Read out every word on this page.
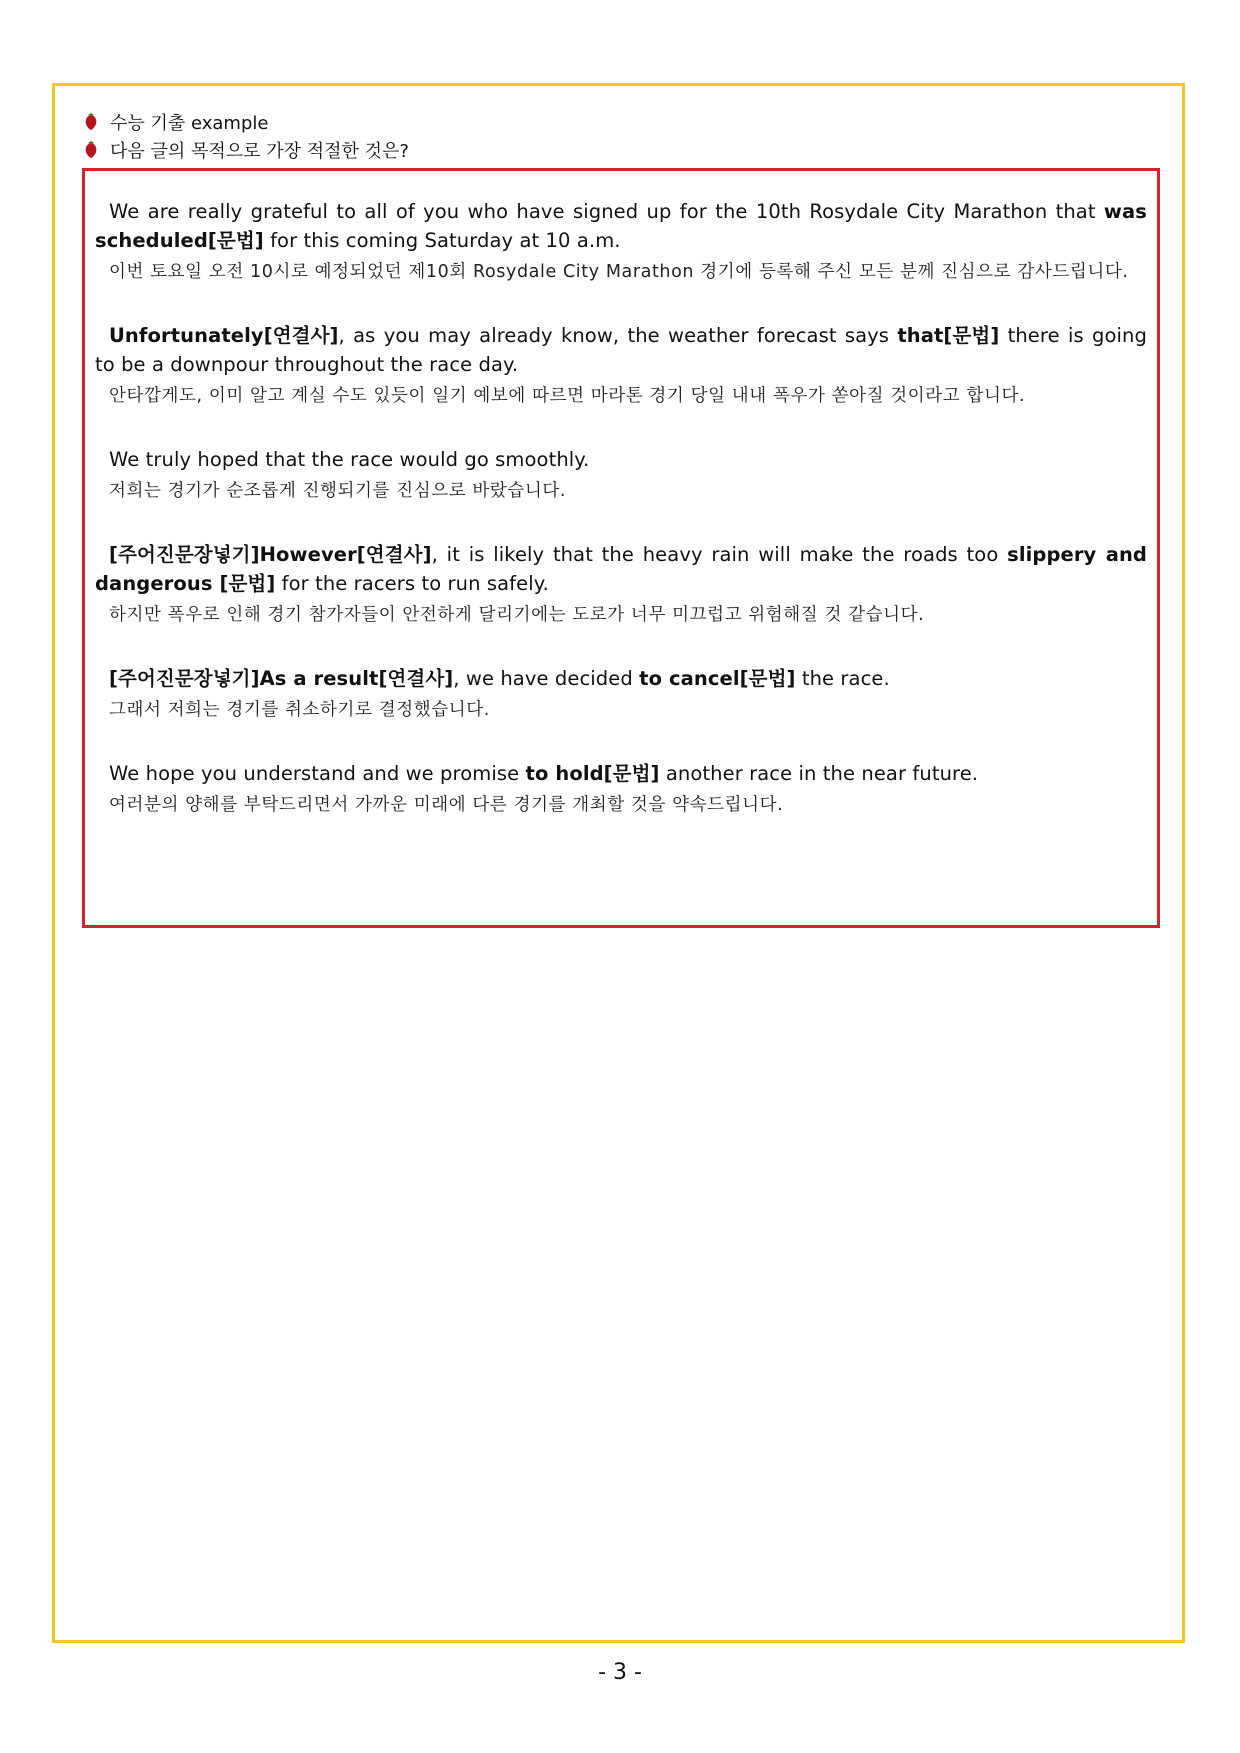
수능 기출 example
다음 글의 목적으로 가장 적절한 것은?

We are really grateful to all of you who have signed up for the 10th Rosydale City Marathon that was scheduled[문법] for this coming Saturday at 10 a.m.

이번 토요일 오전 10시로 예정되었던 제10회 Rosydale City Marathon 경기에 등록해 주신 모든 분께 진심으로 감사드립니다.

Unfortunately[연결사], as you may already know, the weather forecast says that[문법] there is going to be a downpour throughout the race day.

안타깝게도, 이미 알고 계실 수도 있듯이 일기 예보에 따르면 마라톤 경기 당일 내내 폭우가 쏟아질 것이라고 합니다.

We truly hoped that the race would go smoothly.

저희는 경기가 순조롭게 진행되기를 진심으로 바랐습니다.

[주어진문장넣기]However[연결사], it is likely that the heavy rain will make the roads too slippery and dangerous [문법] for the racers to run safely.

하지만 폭우로 인해 경기 참가자들이 안전하게 달리기에는 도로가 너무 미끄럽고 위험해질 것 같습니다.

[주어진문장넣기]As a result[연결사], we have decided to cancel[문법] the race.

그래서 저희는 경기를 취소하기로 결정했습니다.

We hope you understand and we promise to hold[문법] another race in the near future.

여러분의 양해를 부탁드리면서 가까운 미래에 다른 경기를 개최할 것을 약속드립니다.

- 3 -
